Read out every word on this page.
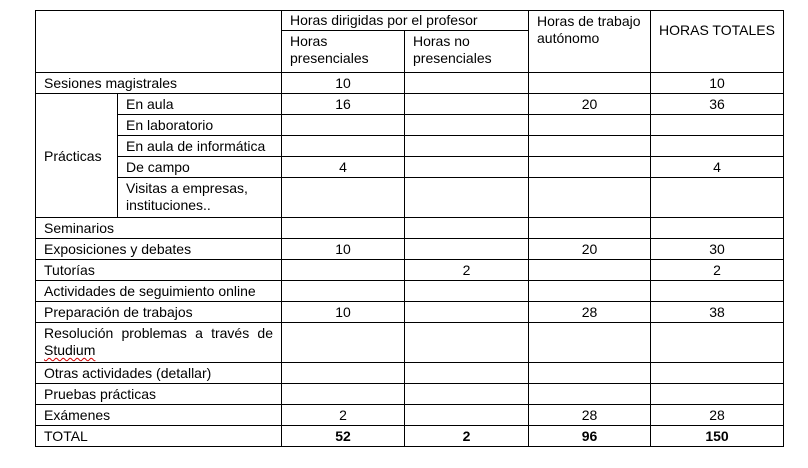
		Horas dirigidas por el profesor		Horas de trabajo autónomo	HORAS TOTALES
		Horas presenciales	Horas no presenciales		
Sesiones magistrales		10			10
Prácticas	En aula	16		20	36
	En laboratorio				
	En aula de informática				
	De campo	4			4
	Visitas a empresas, instituciones..				
Seminarios					
Exposiciones y debates		10		20	30
Tutorías			2		2
Actividades de seguimiento online					
Preparación de trabajos		10		28	38

Resolución problemas a través de
Studium					
Otras actividades (detallar)					
Pruebas prácticas					
Exámenes		2		28	28
TOTAL		52	2	96	150
